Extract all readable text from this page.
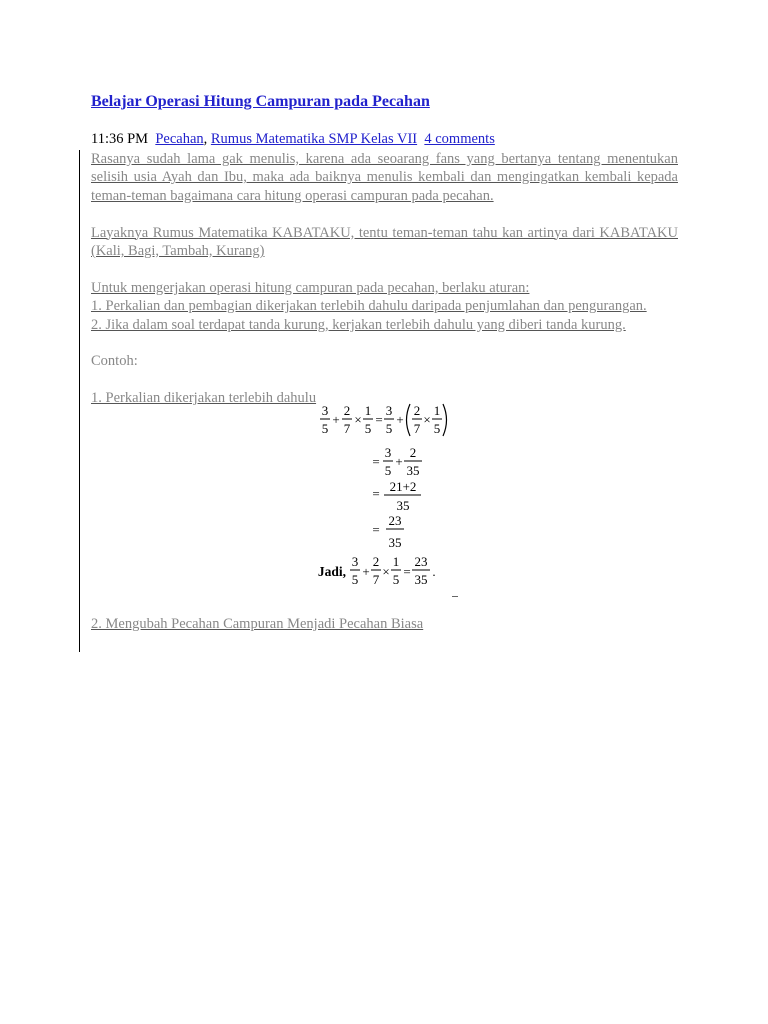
Belajar Operasi Hitung Campuran pada Pecahan
11:36 PM Pecahan, Rumus Matematika SMP Kelas VII 4 comments

Rasanya sudah lama gak menulis, karena ada seoarang fans yang bertanya tentang menentukan selisih usia Ayah dan Ibu, maka ada baiknya menulis kembali dan mengingatkan kembali kepada teman-teman bagaimana cara hitung operasi campuran pada pecahan.

Layaknya Rumus Matematika KABATAKU, tentu teman-teman tahu kan artinya dari KABATAKU (Kali, Bagi, Tambah, Kurang)

Untuk mengerjakan operasi hitung campuran pada pecahan, berlaku aturan:

1. Perkalian dan pembagian dikerjakan terlebih dahulu daripada penjumlahan dan pengurangan.

2. Jika dalam soal terdapat tanda kurung, kerjakan terlebih dahulu yang diberi tanda kurung.

Contoh:

1. Perkalian dikerjakan terlebih dahulu

3
5
+
2
7
×
1
5
=
3
5
+
2
7
×
1
5
=
3
5
+
2
35
= 21+2
35
=
23
35
Jadi,
3
5
+
2
7
×
1
5
=
23
35
.
2. Mengubah Pecahan Campuran Menjadi Pecahan Biasa
